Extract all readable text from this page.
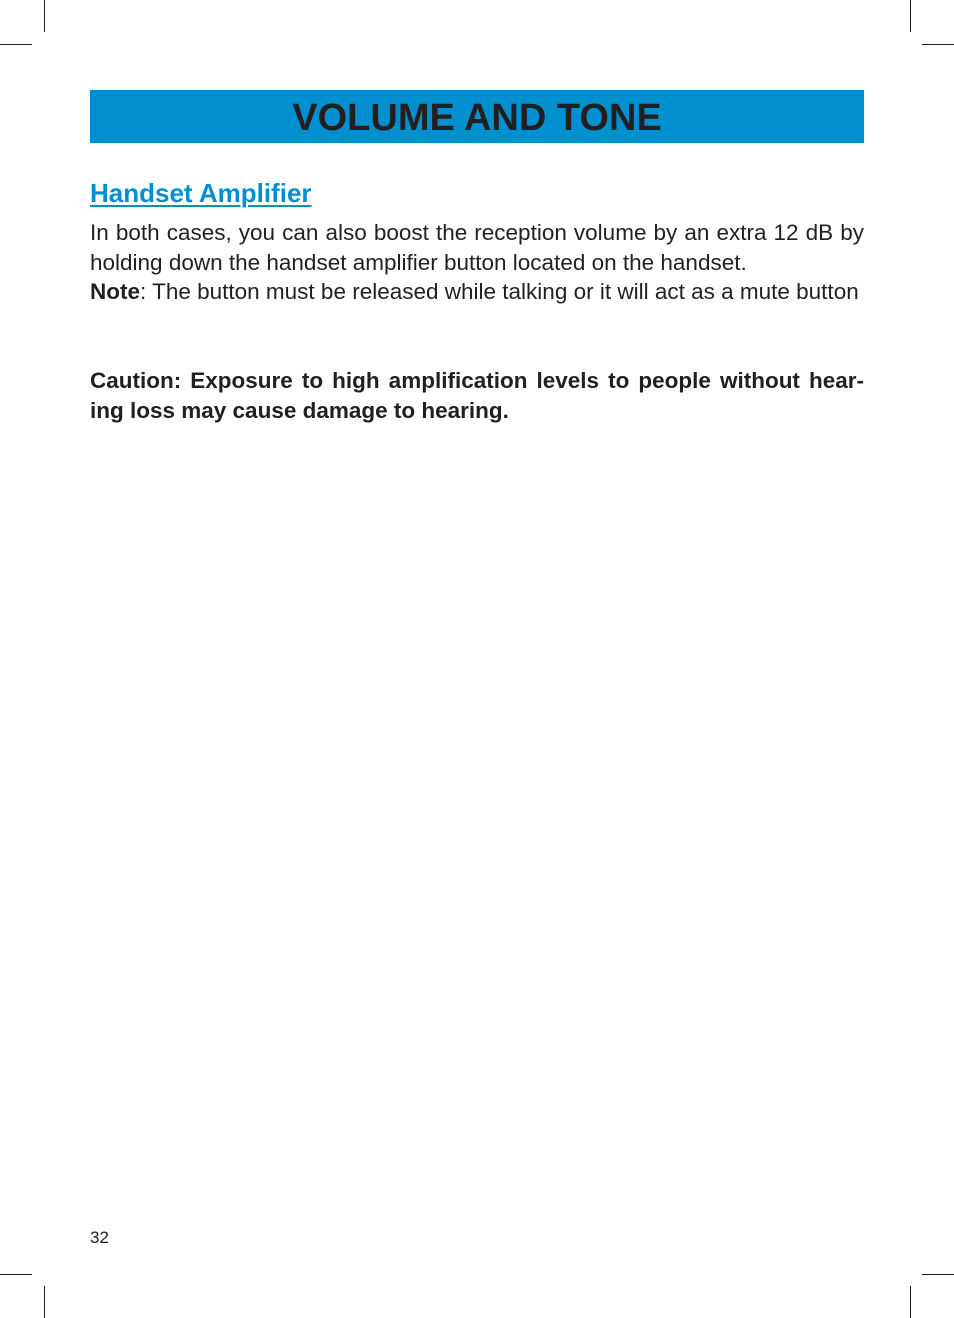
VOLUME AND TONE
Handset Amplifier

In both cases, you can also boost the reception volume by an extra 12 dB by holding down the handset amplifier button located on the handset.
Note: The button must be released while talking or it will act as a mute button

Caution: Exposure to high amplification levels to people without hear-ing loss may cause damage to hearing.

32
